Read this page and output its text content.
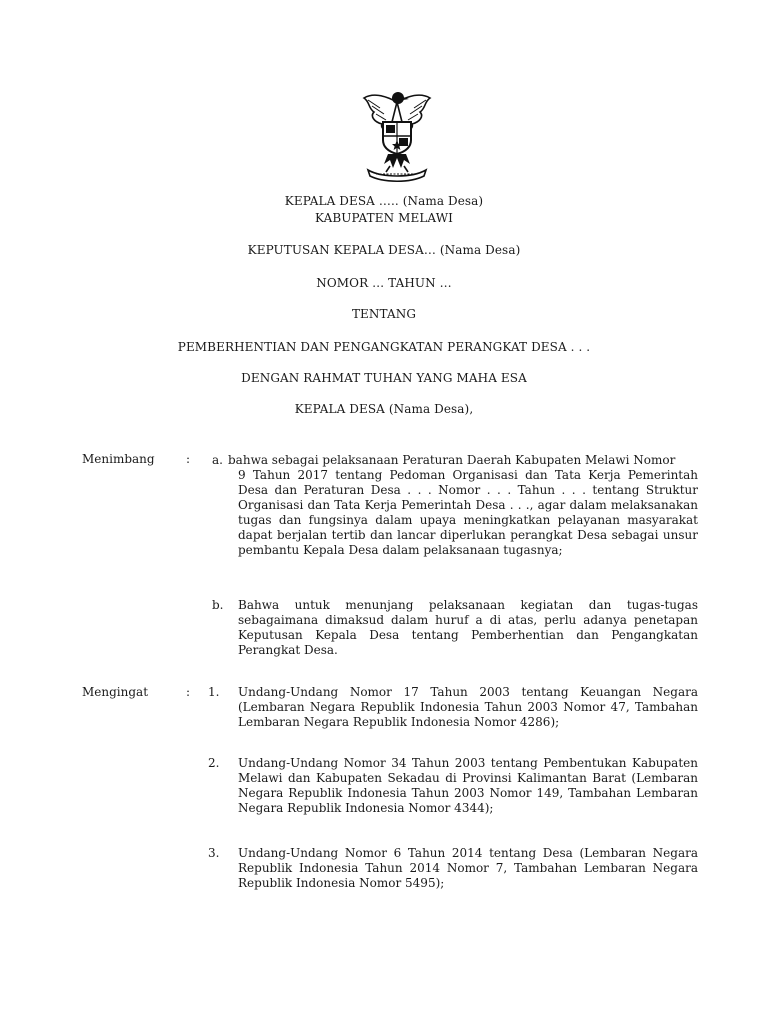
KEPALA DESA ….. (Nama Desa)
KABUPATEN MELAWI
KEPUTUSAN KEPALA DESA… (Nama Desa)
NOMOR … TAHUN …
TENTANG
PEMBERHENTIAN DAN PENGANGKATAN PERANGKAT DESA . . .
DENGAN RAHMAT TUHAN YANG MAHA ESA
KEPALA DESA (Nama Desa),
Menimbang	: a. bahwa sebagai pelaksanaan Peraturan Daerah Kabupaten Melawi Nomor
9 Tahun 2017 tentang Pedoman Organisasi dan Tata Kerja Pemerintah Desa dan Peraturan Desa . . . Nomor . . . Tahun . . . tentang Struktur Organisasi dan Tata Kerja Pemerintah Desa . . ., agar dalam melaksanakan tugas dan fungsinya dalam upaya meningkatkan pelayanan masyarakat dapat berjalan tertib dan lancar diperlukan perangkat Desa sebagai unsur pembantu Kepala Desa dalam pelaksanaan tugasnya;
b. Bahwa untuk menunjang pelaksanaan kegiatan dan tugas-tugas sebagaimana dimaksud dalam huruf a di atas, perlu adanya penetapan Keputusan Kepala Desa tentang Pemberhentian dan Pengangkatan Perangkat Desa.
Mengingat	: 1. Undang-Undang Nomor 17 Tahun 2003 tentang Keuangan Negara (Lembaran Negara Republik Indonesia Tahun 2003 Nomor 47, Tambahan Lembaran Negara Republik Indonesia Nomor 4286);
2. Undang-Undang Nomor 34 Tahun 2003 tentang Pembentukan Kabupaten Melawi dan Kabupaten Sekadau di Provinsi Kalimantan Barat (Lembaran Negara Republik Indonesia Tahun 2003 Nomor 149, Tambahan Lembaran Negara Republik Indonesia Nomor 4344);
3. Undang-Undang Nomor 6 Tahun 2014 tentang Desa (Lembaran Negara Republik Indonesia Tahun 2014 Nomor 7, Tambahan Lembaran Negara Republik Indonesia Nomor 5495);
